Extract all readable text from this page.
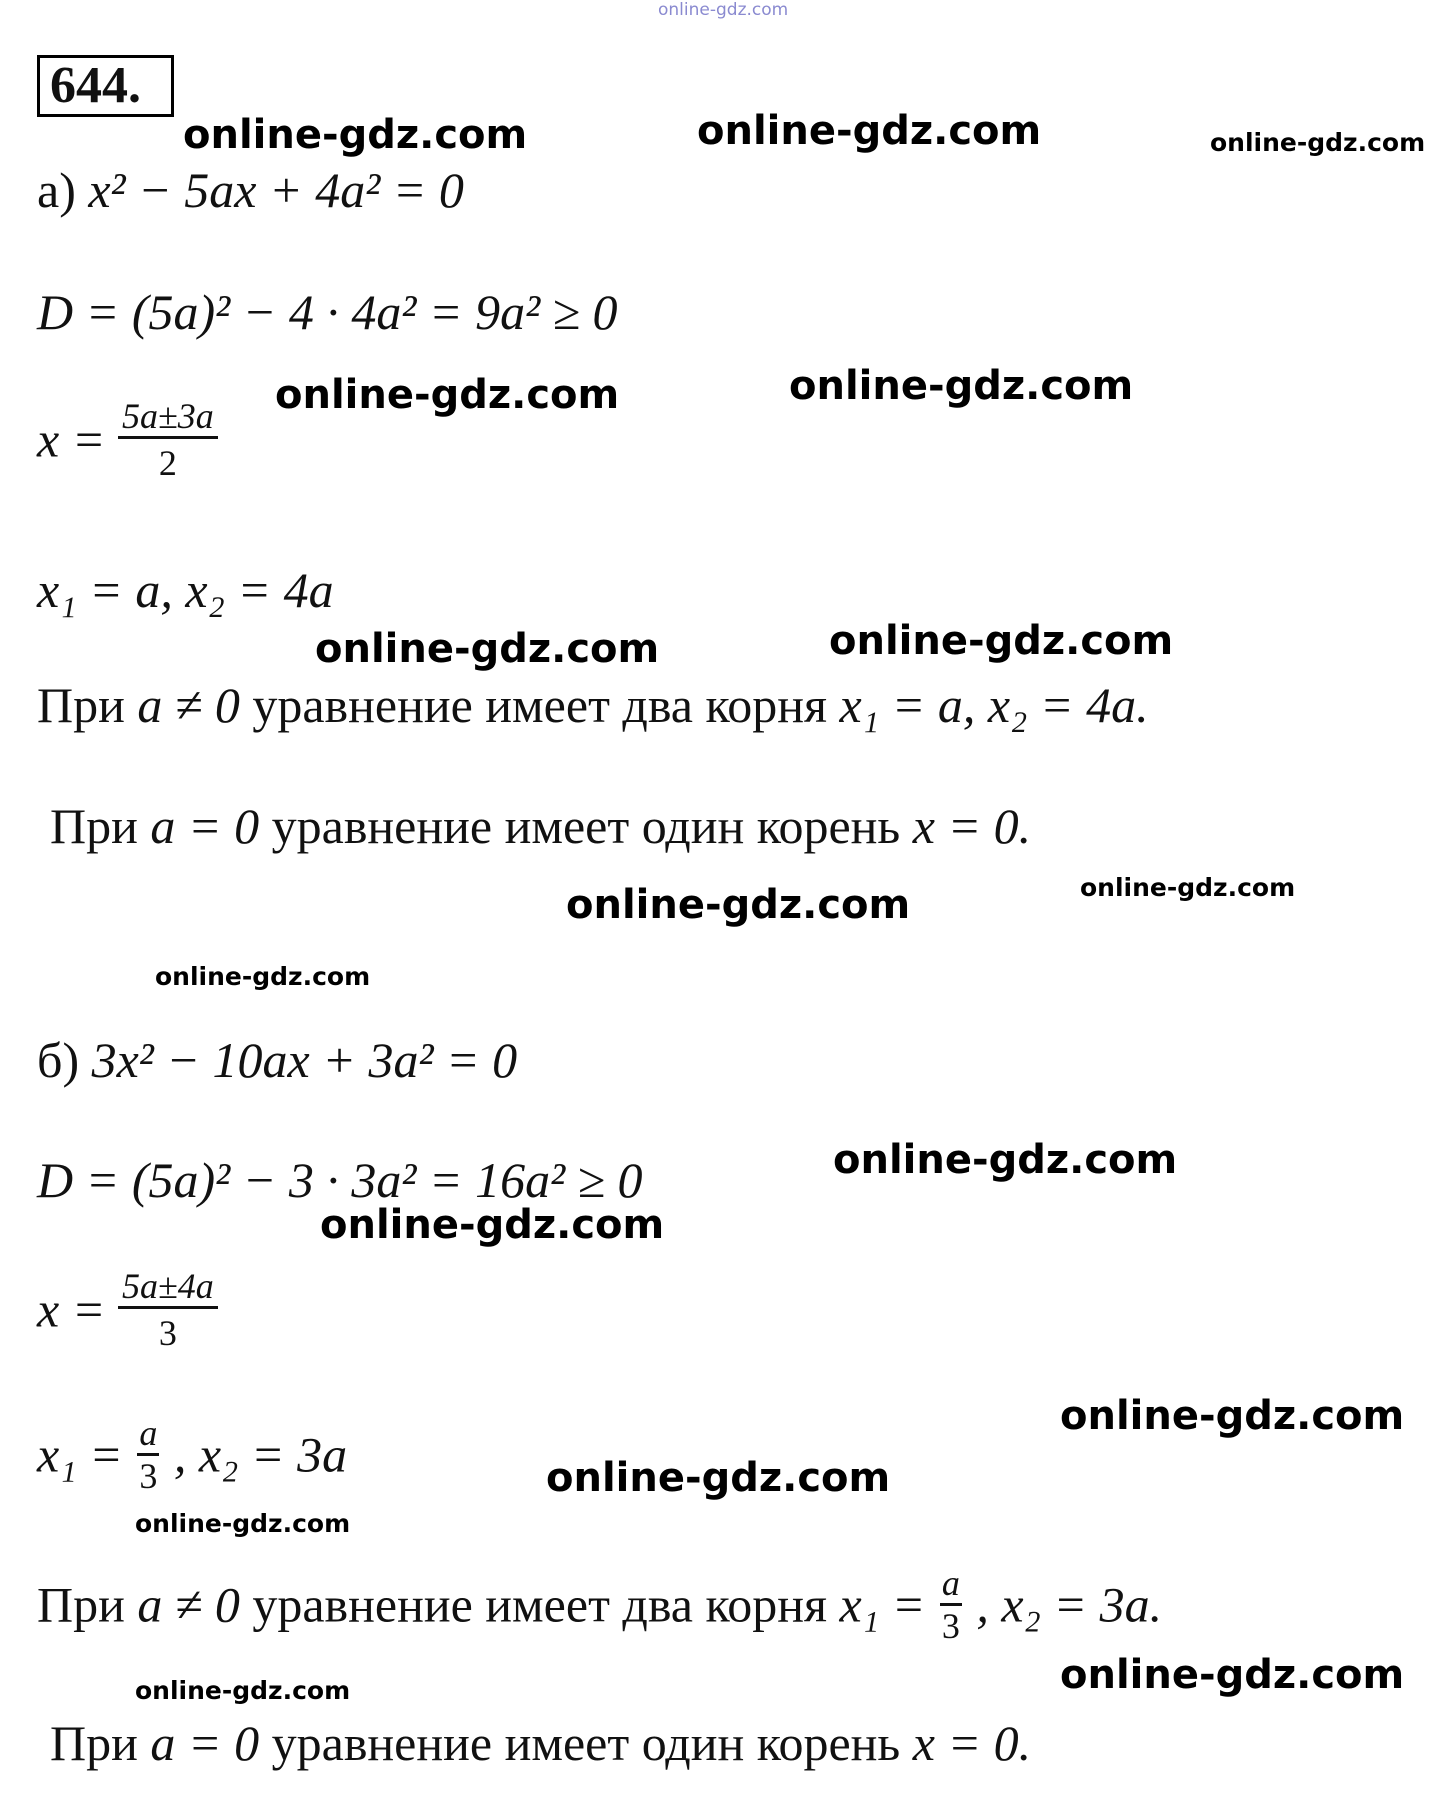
online-gdz.com
644.
а) x² − 5ax + 4a² = 0
D = (5a)² − 4 · 4a² = 9a² ≥ 0
$x = \frac{5a\pm 3a}{2}$
x₁ = a, x₂ = 4a
При a ≠ 0 уравнение имеет два корня x₁ = a, x₂ = 4a.
При a = 0 уравнение имеет один корень x = 0.
б) 3x² − 10ax + 3a² = 0
D = (5a)² − 3 · 3a² = 16a² ≥ 0
$x = \frac{5a\pm 4a}{3}$
$x_1 = \frac{a}{3}$ , x₂ = 3a
При a ≠ 0 уравнение имеет два корня $x_1 = \frac{a}{3}$ , x₂ = 3a.
При a = 0 уравнение имеет один корень x = 0.
online-gdz.com	online-gdz.com	online-gdz.com
online-gdz.com	online-gdz.com
online-gdz.com	online-gdz.com
online-gdz.com
online-gdz.com
online-gdz.com
online-gdz.com
online-gdz.com
online-gdz.com
online-gdz.com
online-gdz.com
online-gdz.com
online-gdz.com
